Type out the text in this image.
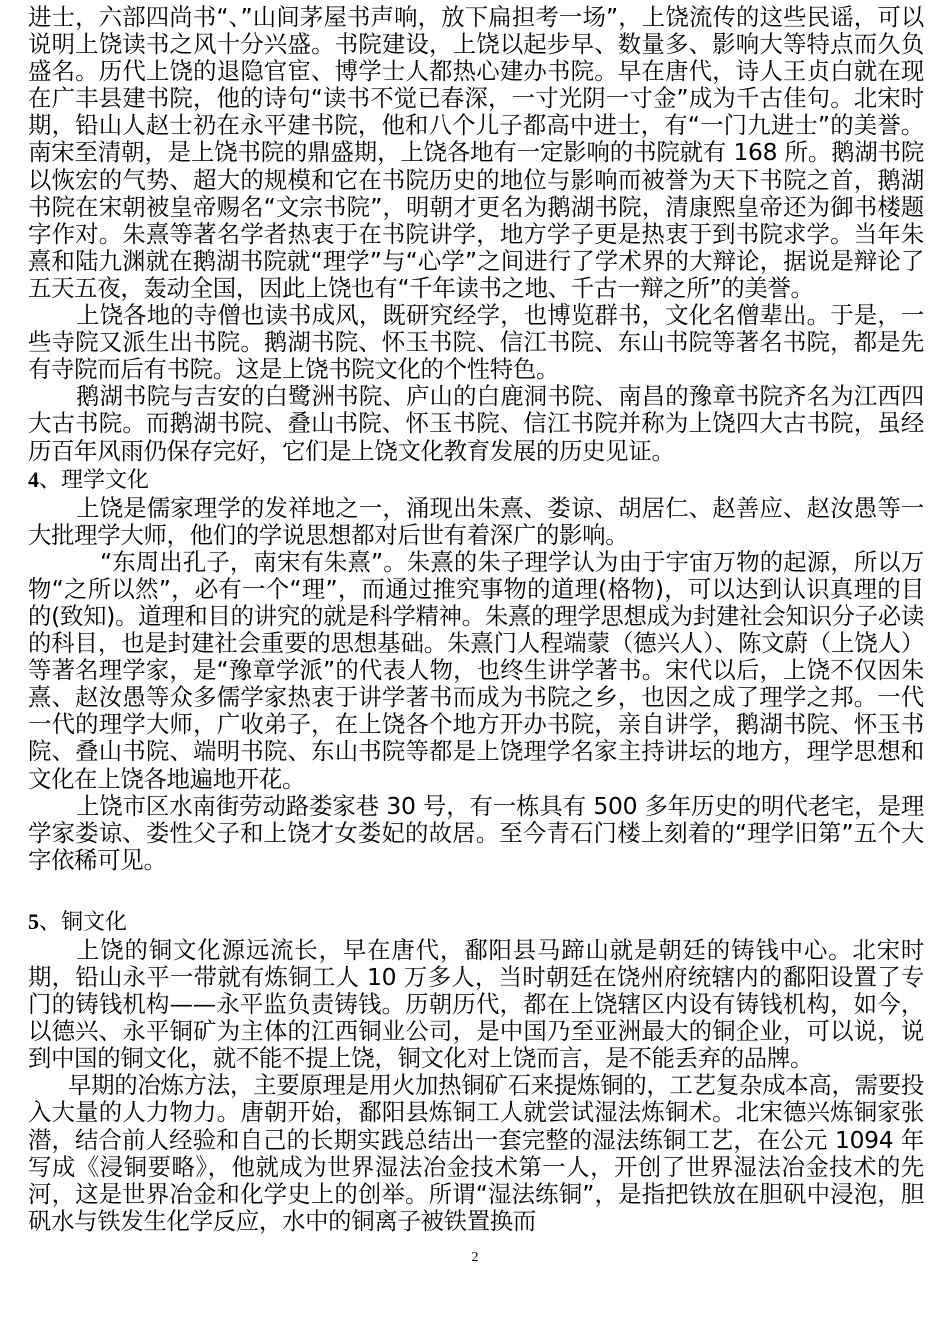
进士，六部四尚书“、”山间茅屋书声响，放下扁担考一场”，上饶流传的这些民谣，可以说明上饶读书之风十分兴盛。书院建设，上饶以起步早、数量多、影响大等特点而久负盛名。历代上饶的退隐官宦、博学士人都热心建办书院。早在唐代，诗人王贞白就在现在广丰县建书院，他的诗句“读书不觉已春深，一寸光阴一寸金”成为千古佳句。北宋时期，铅山人赵士礽在永平建书院，他和八个儿子都高中进士，有“一门九进士”的美誉。南宋至清朝，是上饶书院的鼎盛期，上饶各地有一定影响的书院就有 168 所。鹅湖书院以恢宏的气势、超大的规模和它在书院历史的地位与影响而被誉为天下书院之首，鹅湖书院在宋朝被皇帝赐名“文宗书院”，明朝才更名为鹅湖书院，清康熙皇帝还为御书楼题字作对。朱熹等著名学者热衷于在书院讲学，地方学子更是热衷于到书院求学。当年朱熹和陆九渊就在鹅湖书院就“理学”与“心学”之间进行了学术界的大辩论，据说是辩论了五天五夜，轰动全国，因此上饶也有“千年读书之地、千古一辩之所”的美誉。

上饶各地的寺僧也读书成风，既研究经学，也博览群书，文化名僧辈出。于是，一些寺院又派生出书院。鹅湖书院、怀玉书院、信江书院、东山书院等著名书院，都是先有寺院而后有书院。这是上饶书院文化的个性特色。

鹅湖书院与吉安的白鹭洲书院、庐山的白鹿洞书院、南昌的豫章书院齐名为江西四大古书院。而鹅湖书院、叠山书院、怀玉书院、信江书院并称为上饶四大古书院，虽经历百年风雨仍保存完好，它们是上饶文化教育发展的历史见证。

4、理学文化

上饶是儒家理学的发祥地之一，涌现出朱熹、娄谅、胡居仁、赵善应、赵汝愚等一大批理学大师，他们的学说思想都对后世有着深广的影响。

“东周出孔子，南宋有朱熹”。朱熹的朱子理学认为由于宇宙万物的起源，所以万物“之所以然”，必有一个“理”，而通过推究事物的道理(格物)，可以达到认识真理的目的(致知)。道理和目的讲究的就是科学精神。朱熹的理学思想成为封建社会知识分子必读的科目，也是封建社会重要的思想基础。朱熹门人程端蒙（德兴人）、陈文蔚（上饶人）等著名理学家，是“豫章学派”的代表人物，也终生讲学著书。宋代以后，上饶不仅因朱熹、赵汝愚等众多儒学家热衷于讲学著书而成为书院之乡，也因之成了理学之邦。一代一代的理学大师，广收弟子，在上饶各个地方开办书院，亲自讲学，鹅湖书院、怀玉书院、叠山书院、端明书院、东山书院等都是上饶理学名家主持讲坛的地方，理学思想和文化在上饶各地遍地开花。

上饶市区水南街劳动路娄家巷 30 号，有一栋具有 500 多年历史的明代老宅，是理学家娄谅、娄性父子和上饶才女娄妃的故居。至今青石门楼上刻着的“理学旧第”五个大字依稀可见。

5、铜文化

上饶的铜文化源远流长，早在唐代，鄱阳县马蹄山就是朝廷的铸钱中心。北宋时期，铅山永平一带就有炼铜工人 10 万多人，当时朝廷在饶州府统辖内的鄱阳设置了专门的铸钱机构——永平监负责铸钱。历朝历代，都在上饶辖区内设有铸钱机构，如今，以德兴、永平铜矿为主体的江西铜业公司，是中国乃至亚洲最大的铜企业，可以说，说到中国的铜文化，就不能不提上饶，铜文化对上饶而言，是不能丢弃的品牌。

早期的冶炼方法，主要原理是用火加热铜矿石来提炼铜的，工艺复杂成本高，需要投入大量的人力物力。唐朝开始，鄱阳县炼铜工人就尝试湿法炼铜术。北宋德兴炼铜家张潜，结合前人经验和自己的长期实践总结出一套完整的湿法练铜工艺，在公元 1094 年写成《浸铜要略》，他就成为世界湿法冶金技术第一人，开创了世界湿法冶金技术的先河，这是世界冶金和化学史上的创举。所谓“湿法练铜”，是指把铁放在胆矾中浸泡，胆矾水与铁发生化学反应，水中的铜离子被铁置换而

2
